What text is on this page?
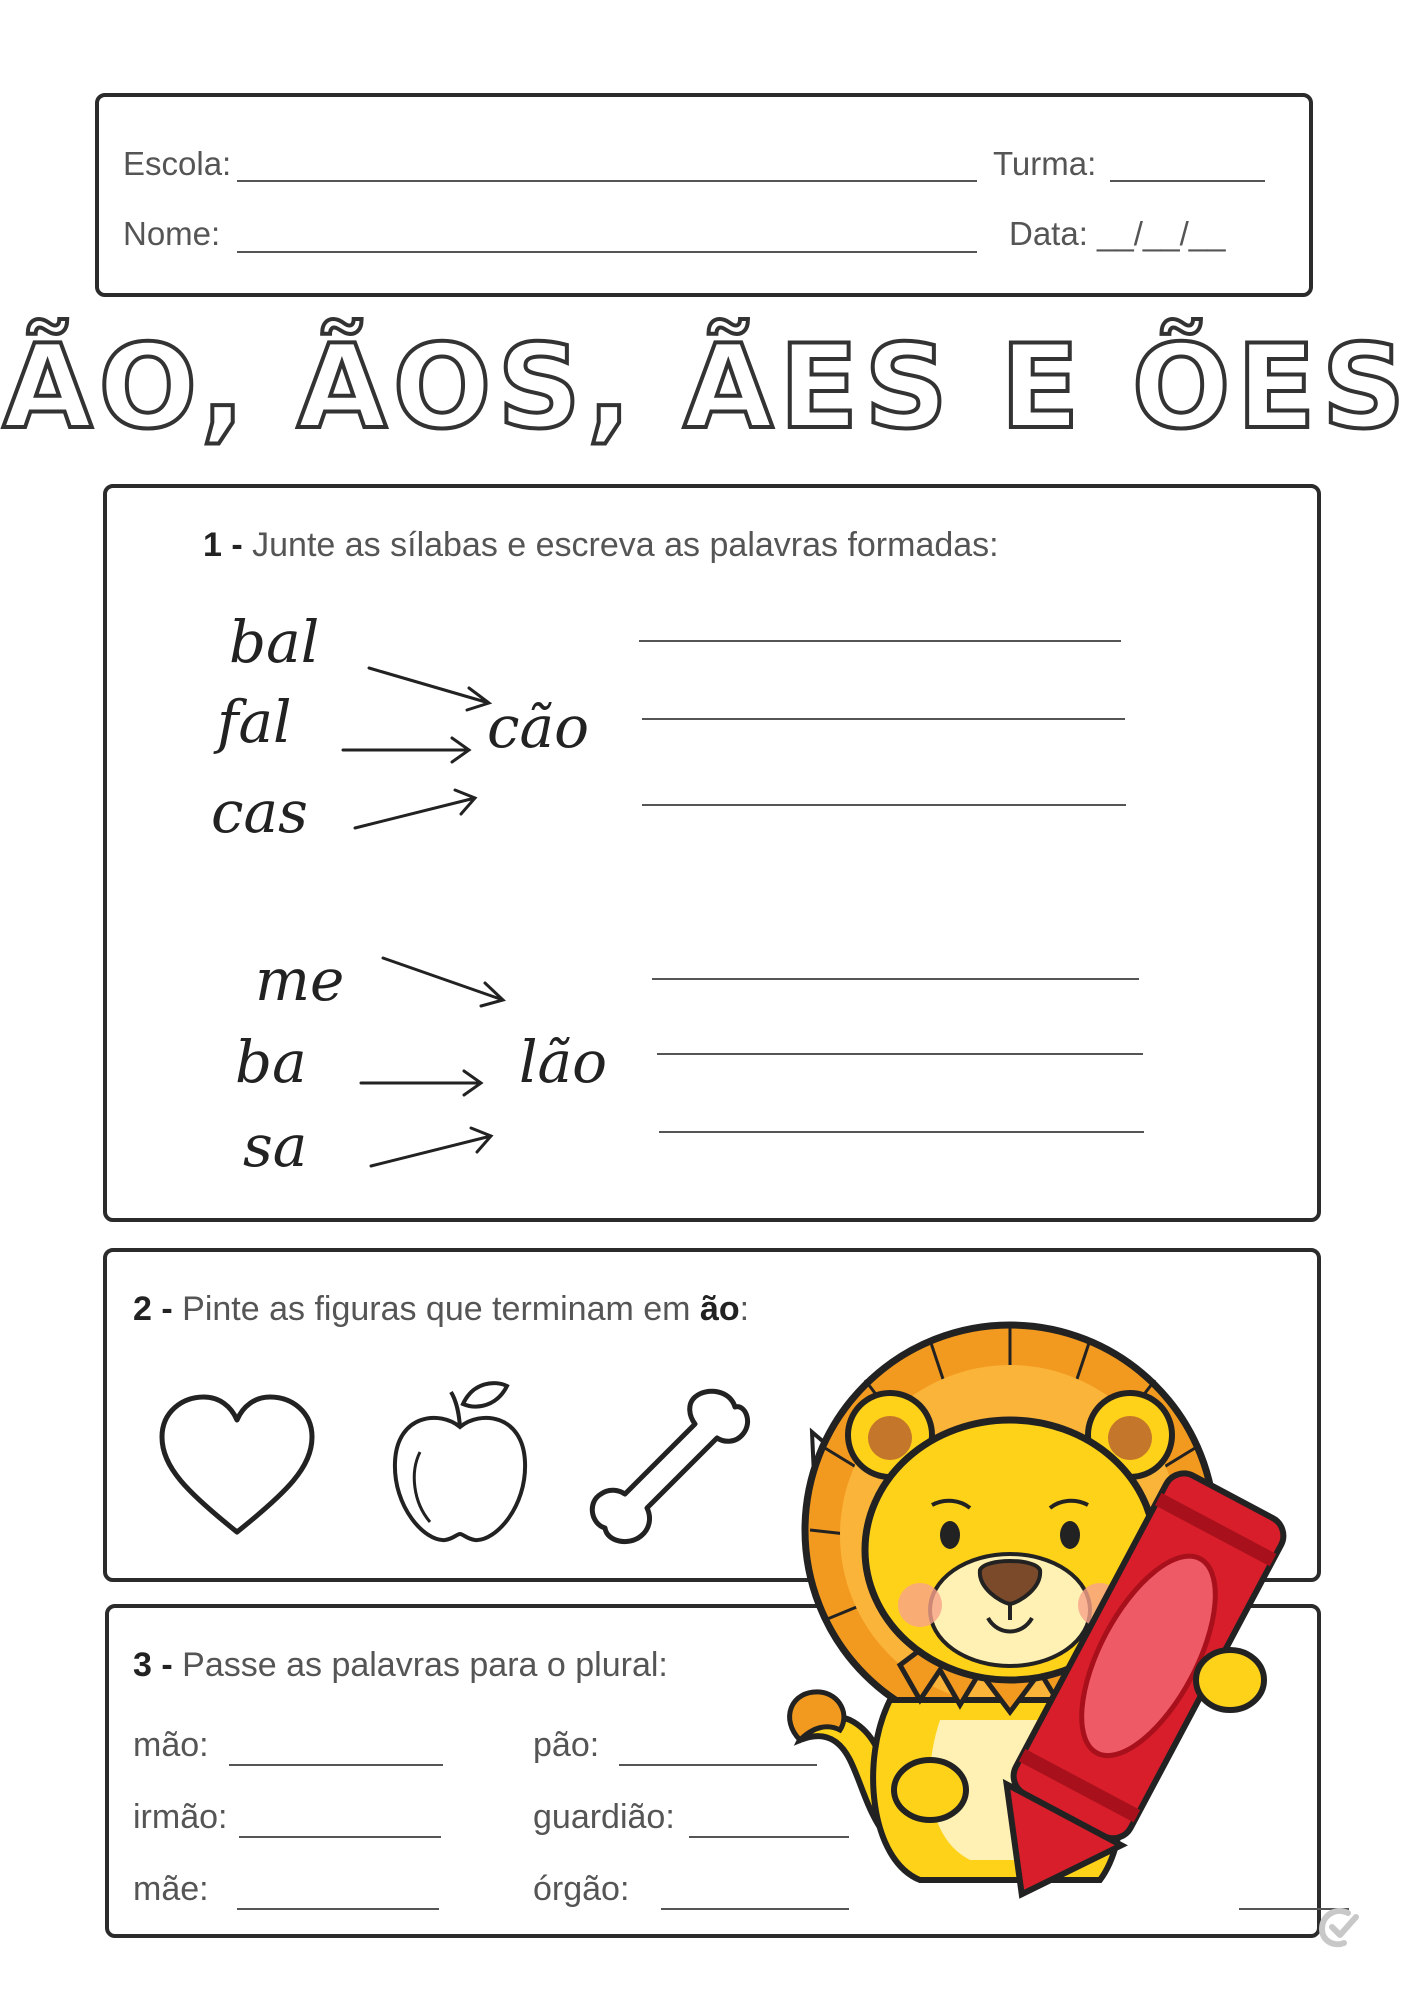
Escola:	Turma:
Nome:	Data: __/__/__
ÃO, ÃOS, ÃES E ÕES
1 - Junte as sílabas e escreva as palavras formadas:
bal
fal
cas
cão
me
ba
sa
lão
2 - Pinte as figuras que terminam em ão:
3 - Passe as palavras para o plural:
mão:	pão:
irmão:	guardião:
mãe:	órgão:
